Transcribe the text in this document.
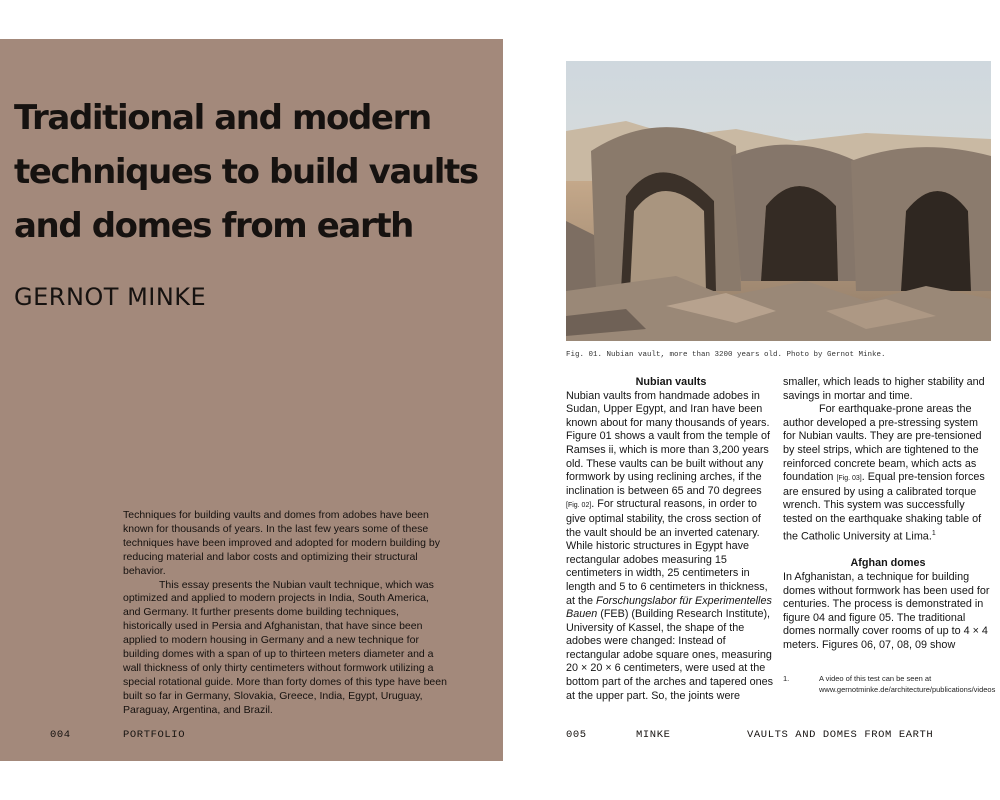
Traditional and modern techniques to build vaults and domes from earth
GERNOT MINKE

Techniques for building vaults and domes from adobes have been known for thousands of years. In the last few years some of these techniques have been improved and adopted for modern building by reducing material and labor costs and optimizing their structural behavior.

This essay presents the Nubian vault technique, which was optimized and applied to modern projects in India, South America, and Germany. It further presents dome building techniques, historically used in Persia and Afghanistan, that have since been applied to modern housing in Germany and a new technique for building domes with a span of up to thirteen meters diameter and a wall thickness of only thirty centimeters without formwork utilizing a special rotational guide. More than forty domes of this type have been built so far in Germany, Slovakia, Greece, India, Egypt, Uruguay, Paraguay, Argentina, and Brazil.

004	PORTFOLIO
Fig. 01. Nubian vault, more than 3200 years old. Photo by Gernot Minke.

Nubian vaults

Nubian vaults from handmade adobes in Sudan, Upper Egypt, and Iran have been known about for many thousands of years. Figure 01 shows a vault from the temple of Ramses ii, which is more than 3,200 years old. These vaults can be built without any formwork by using reclining arches, if the inclination is between 65 and 70 degrees [Fig. 02]. For structural reasons, in order to give optimal stability, the cross section of the vault should be an inverted catenary. While historic structures in Egypt have rectangular adobes measuring 15 centimeters in width, 25 centimeters in length and 5 to 6 centimeters in thickness, at the Forschungslabor für Experimentelles Bauen (FEB) (Building Research Institute), University of Kassel, the shape of the adobes were changed: Instead of rectangular adobe square ones, measuring 20 × 20 × 6 centimeters, were used at the bottom part of the arches and tapered ones at the upper part. So, the joints were

smaller, which leads to higher stability and savings in mortar and time.

For earthquake-prone areas the author developed a pre-stressing system for Nubian vaults. They are pre-tensioned by steel strips, which are tightened to the reinforced concrete beam, which acts as foundation [Fig. 03]. Equal pre-tension forces are ensured by using a calibrated torque wrench. This system was successfully tested on the earthquake shaking table of the Catholic University at Lima.$^1$

Afghan domes

In Afghanistan, a technique for building domes without formwork has been used for centuries. The process is demonstrated in figure 04 and figure 05. The traditional domes normally cover rooms of up to 4 × 4 meters. Figures 06, 07, 08, 09 show

1.	A video of this test can be seen at www.gernotminke.de/architecture/publications/videos
005	MINKE	VAULTS AND DOMES FROM EARTH
